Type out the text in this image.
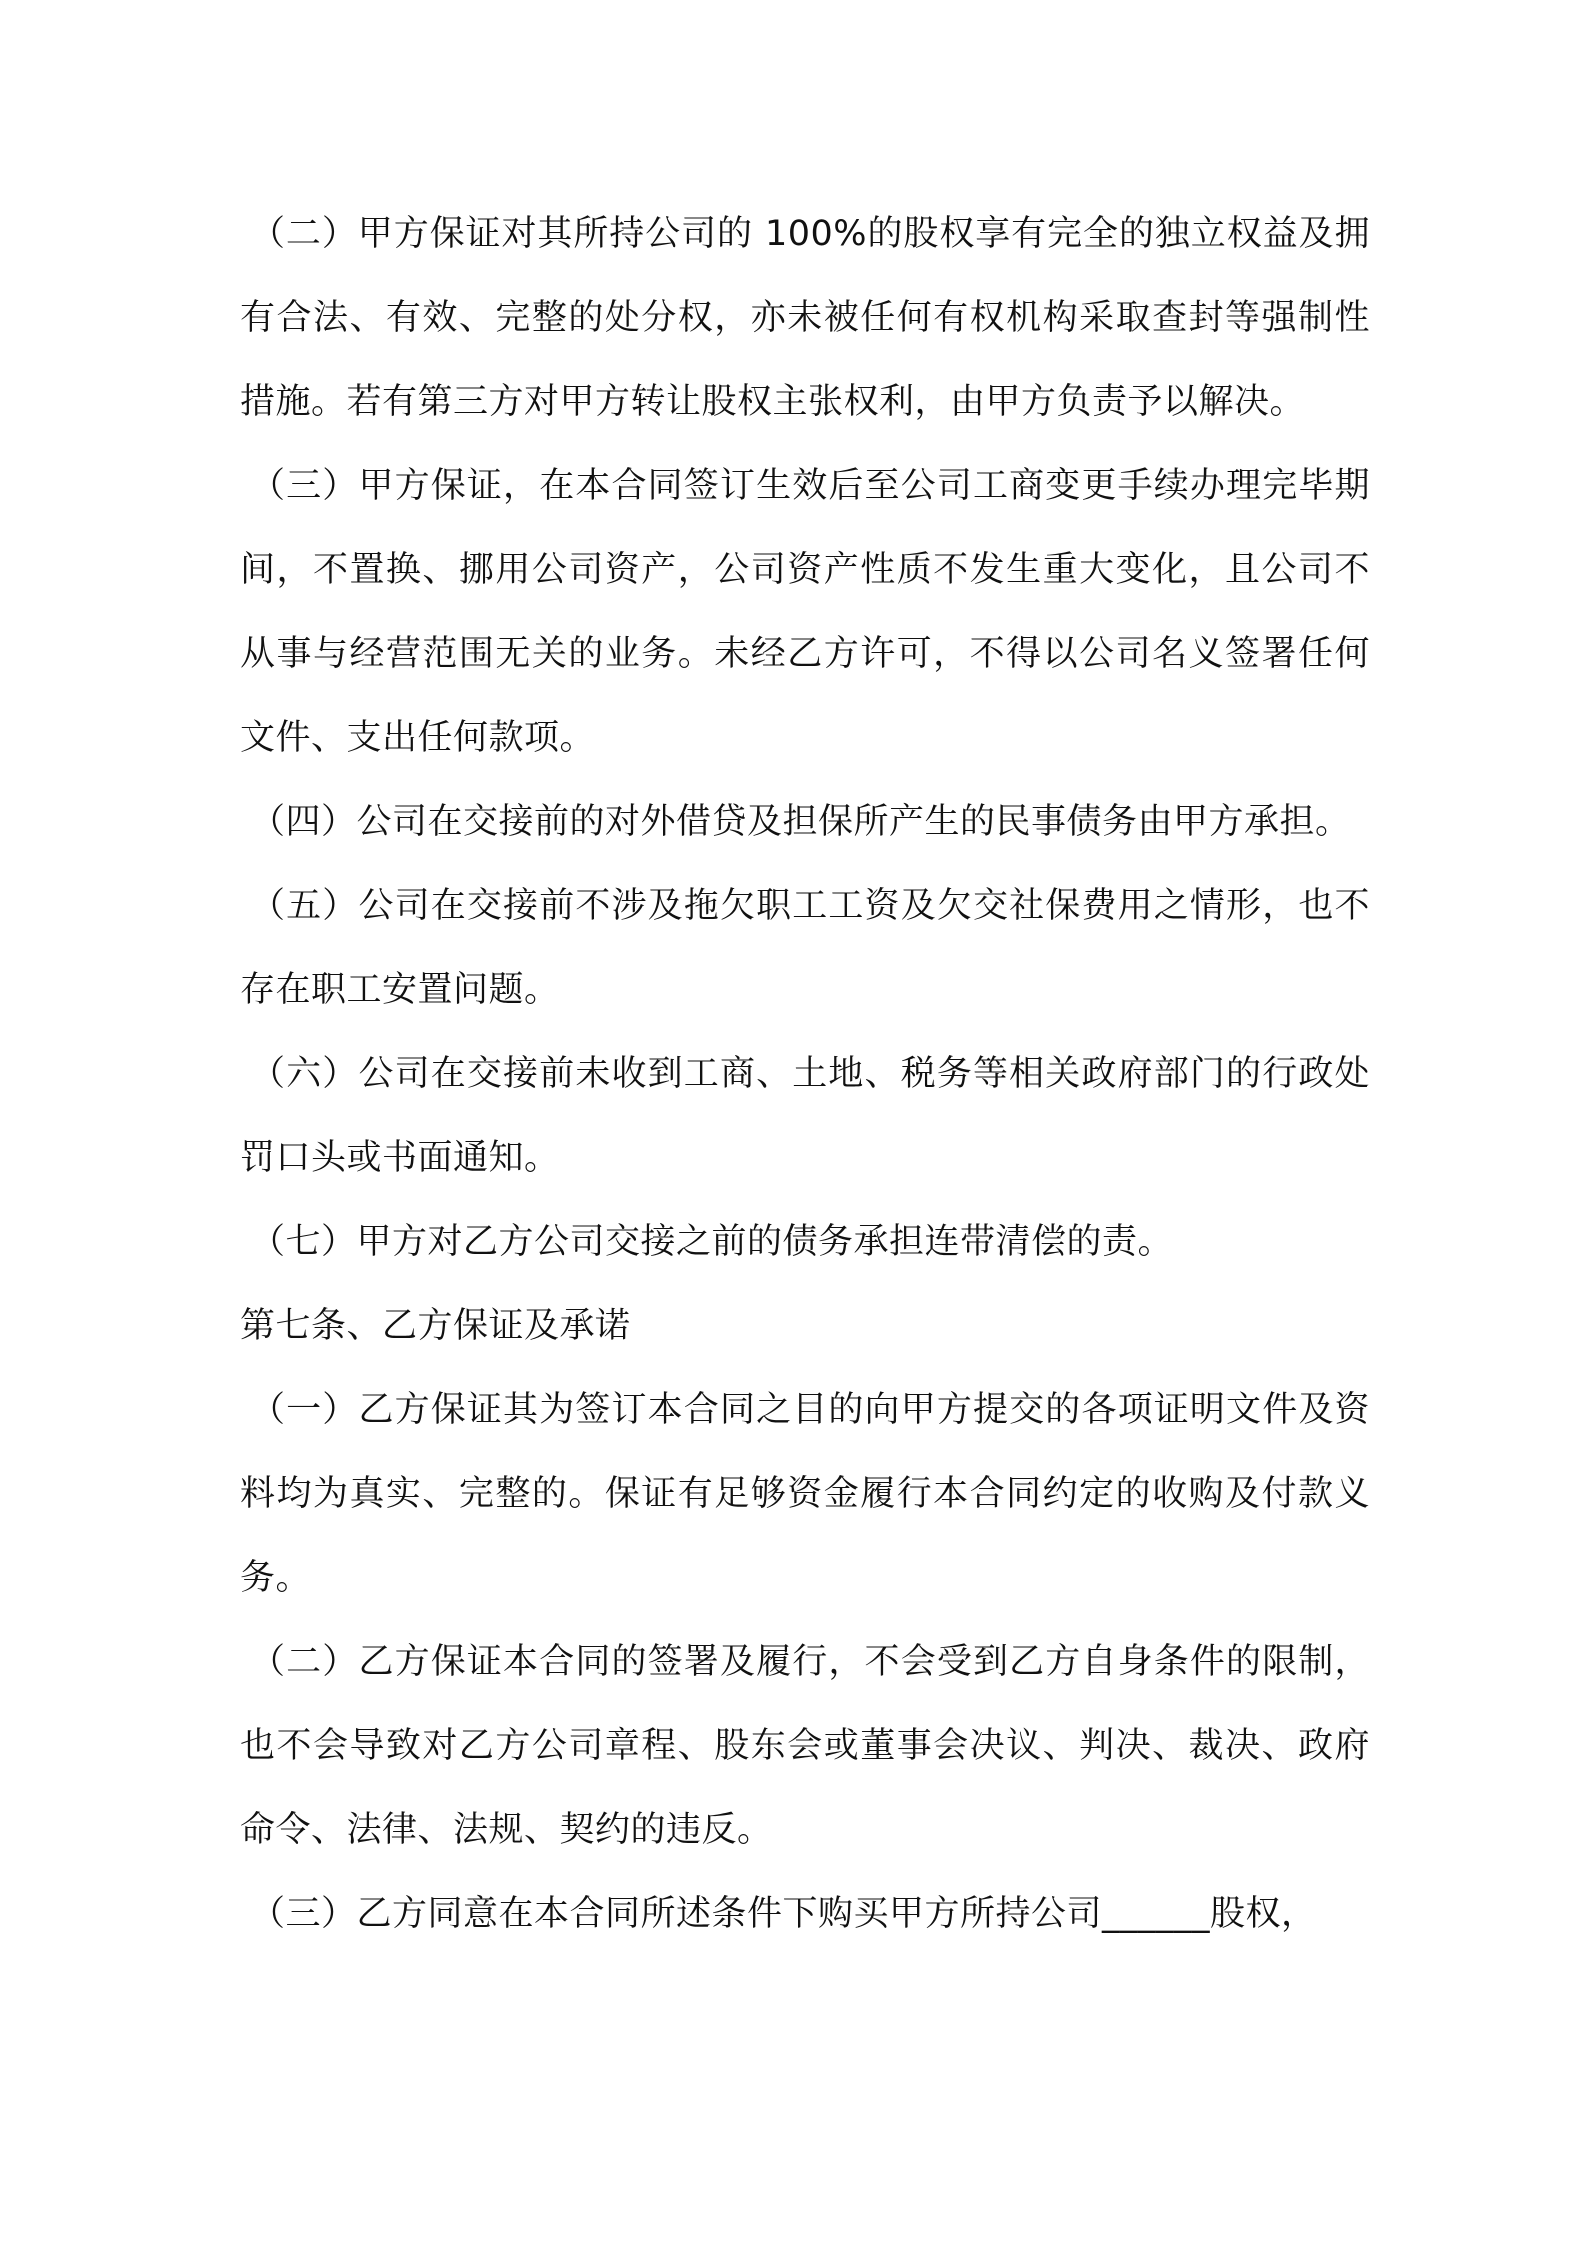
（二）甲方保证对其所持公司的 100%的股权享有完全的独立权益及拥有合法、有效、完整的处分权，亦未被任何有权机构采取查封等强制性措施。若有第三方对甲方转让股权主张权利，由甲方负责予以解决。

（三）甲方保证，在本合同签订生效后至公司工商变更手续办理完毕期间，不置换、挪用公司资产，公司资产性质不发生重大变化，且公司不从事与经营范围无关的业务。未经乙方许可，不得以公司名义签署任何文件、支出任何款项。

（四）公司在交接前的对外借贷及担保所产生的民事债务由甲方承担。

（五）公司在交接前不涉及拖欠职工工资及欠交社保费用之情形，也不存在职工安置问题。

（六）公司在交接前未收到工商、土地、税务等相关政府部门的行政处罚口头或书面通知。

（七）甲方对乙方公司交接之前的债务承担连带清偿的责。

第七条、乙方保证及承诺

（一）乙方保证其为签订本合同之目的向甲方提交的各项证明文件及资料均为真实、完整的。保证有足够资金履行本合同约定的收购及付款义务。

（二）乙方保证本合同的签署及履行，不会受到乙方自身条件的限制，也不会导致对乙方公司章程、股东会或董事会决议、判决、裁决、政府命令、法律、法规、契约的违反。

（三）乙方同意在本合同所述条件下购买甲方所持公司______股权，
